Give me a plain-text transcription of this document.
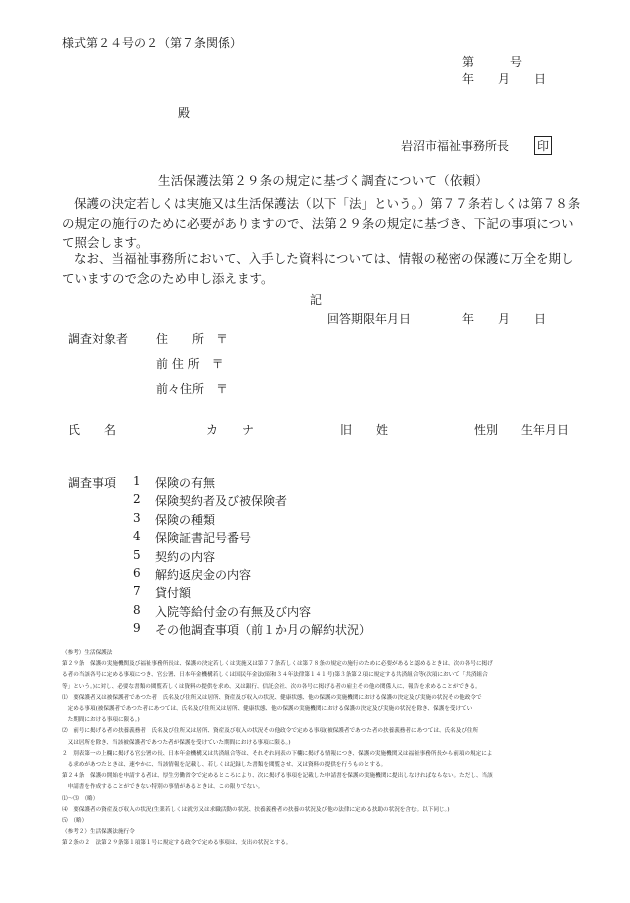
様式第２４号の２（第７条関係）
第　　　号
年　　月　　日
殿
岩沼市福祉事務所長 印
生活保護法第２９条の規定に基づく調査について（依頼）
保護の決定若しくは実施又は生活保護法（以下「法」という。）第７７条若しくは第７８条の規定の施行のために必要がありますので、法第２９条の規定に基づき、下記の事項について照会します。
なお、当福祉事務所において、入手した資料については、情報の秘密の保護に万全を期していますので念のため申し添えます。
記
回答期限年月日	年　　月　　日
調査対象者 住　　所　〒
前 住 所　〒
前々住所　〒
氏　　名	カ　　ナ	旧　　姓	性別 生年月日
調査事項 1 保険の有無
2 保険契約者及び被保険者
3 保険の種類
4 保険証書記号番号
5 契約の内容
6 解約返戻金の内容
7 貸付額
8 入院等給付金の有無及び内容
9 その他調査事項（前１か月の解約状況）
（参考）生活保護法
第２９条　保護の実施機関及び福祉事務所長は、保護の決定若しくは実施又は第７７条若しくは第７８条の規定の施行のために必要があると認めるときは、次の各号に掲げ
る者の当該各号に定める事項につき、官公署、日本年金機構若しくは国民年金法(昭和３４年法律第１４１号)第３条第２項に規定する共済組合等(次項において「共済組合
等」という。)に対し、必要な書類の閲覧若しくは資料の提供を求め、又は銀行、信託会社、次の各号に掲げる者の雇主その他の関係人に、報告を求めることができる。
⑴　要保護者又は被保護者であつた者　氏名及び住所又は居所、資産及び収入の状況、健康状態、他の保護の実施機関における保護の決定及び実施の状況その他政令で
　定める事項(被保護者であつた者にあつては、氏名及び住所又は居所、健康状態、他の保護の実施機関における保護の決定及び実施の状況を除き、保護を受けてい
　た期間における事項に限る。)
⑵　前号に掲げる者の扶養義務者　氏名及び住所又は居所、資産及び収入の状況その他政令で定める事項(被保護者であつた者の扶養義務者にあつては、氏名及び住所
　又は居所を除き、当該被保護者であつた者が保護を受けていた期間における事項に限る。)
２　別表第一の上欄に掲げる官公署の長、日本年金機構又は共済組合等は、それぞれ同表の下欄に掲げる情報につき、保護の実施機関又は福祉事務所長から前項の規定によ
　る求めがあつたときは、速やかに、当該情報を記載し、若しくは記録した書類を閲覧させ、又は資料の提供を行うものとする。
第２４条　保護の開始を申請する者は、厚生労働省令で定めるところにより、次に掲げる事項を記載した申請書を保護の実施機関に提出しなければならない。ただし、当該
　申請書を作成することができない特別の事情があるときは、この限りでない。
⑴～⑶　（略）
⑷　要保護者の資産及び収入の状況(生業若しくは就労又は求職活動の状況、扶養義務者の扶養の状況及び他の法律に定める扶助の状況を含む。以下同じ。)
⑸　（略）
（参考２）生活保護法施行令
第２条の２　法第２９条第１項第１号に規定する政令で定める事項は、支出の状況とする。
